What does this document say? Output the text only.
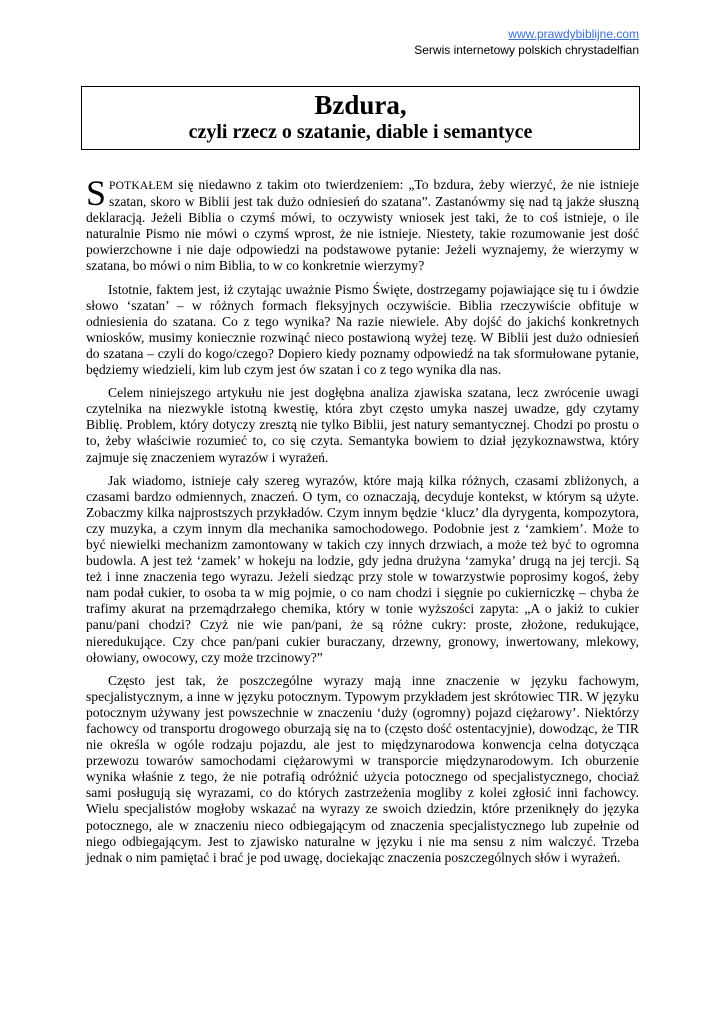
www.prawdybiblijne.com
Serwis internetowy polskich chrystadelfian
Bzdura,
czyli rzecz o szatanie, diable i semantyce

SPOTKAŁEM się niedawno z takim oto twierdzeniem: „To bzdura, żeby wierzyć, że nie istnieje szatan, skoro w Biblii jest tak dużo odniesień do szatana”. Zastanówmy się nad tą jakże słuszną deklaracją. Jeżeli Biblia o czymś mówi, to oczywisty wniosek jest taki, że to coś istnieje, o ile naturalnie Pismo nie mówi o czymś wprost, że nie istnieje. Niestety, takie rozumowanie jest dość powierzchowne i nie daje odpowiedzi na podstawowe pytanie: Jeżeli wyznajemy, że wierzymy w szatana, bo mówi o nim Biblia, to w co konkretnie wierzymy?

Istotnie, faktem jest, iż czytając uważnie Pismo Święte, dostrzegamy pojawiające się tu i ówdzie słowo ‘szatan’ – w różnych formach fleksyjnych oczywiście. Biblia rzeczywiście obfituje w odniesienia do szatana. Co z tego wynika? Na razie niewiele. Aby dojść do jakichś konkretnych wniosków, musimy koniecznie rozwinąć nieco postawioną wyżej tezę. W Biblii jest dużo odniesień do szatana – czyli do kogo/czego? Dopiero kiedy poznamy odpowiedź na tak sformułowane pytanie, będziemy wiedzieli, kim lub czym jest ów szatan i co z tego wynika dla nas.

Celem niniejszego artykułu nie jest dogłębna analiza zjawiska szatana, lecz zwrócenie uwagi czytelnika na niezwykle istotną kwestię, która zbyt często umyka naszej uwadze, gdy czytamy Biblię. Problem, który dotyczy zresztą nie tylko Biblii, jest natury semantycznej. Chodzi po prostu o to, żeby właściwie rozumieć to, co się czyta. Semantyka bowiem to dział językoznawstwa, który zajmuje się znaczeniem wyrazów i wyrażeń.

Jak wiadomo, istnieje cały szereg wyrazów, które mają kilka różnych, czasami zbliżonych, a czasami bardzo odmiennych, znaczeń. O tym, co oznaczają, decyduje kontekst, w którym są użyte. Zobaczmy kilka najprostszych przykładów. Czym innym będzie ‘klucz’ dla dyrygenta, kompozytora, czy muzyka, a czym innym dla mechanika samochodowego. Podobnie jest z ‘zamkiem’. Może to być niewielki mechanizm zamontowany w takich czy innych drzwiach, a może też być to ogromna budowla. A jest też ‘zamek’ w hokeju na lodzie, gdy jedna drużyna ‘zamyka’ drugą na jej tercji. Są też i inne znaczenia tego wyrazu. Jeżeli siedząc przy stole w towarzystwie poprosimy kogoś, żeby nam podał cukier, to osoba ta w mig pojmie, o co nam chodzi i sięgnie po cukierniczkę – chyba że trafimy akurat na przemądrzałego chemika, który w tonie wyższości zapyta: „A o jakiż to cukier panu/pani chodzi? Czyż nie wie pan/pani, że są różne cukry: proste, złożone, redukujące, nieredukujące. Czy chce pan/pani cukier buraczany, drzewny, gronowy, inwertowany, mlekowy, ołowiany, owocowy, czy może trzcinowy?”

Często jest tak, że poszczególne wyrazy mają inne znaczenie w języku fachowym, specjalistycznym, a inne w języku potocznym. Typowym przykładem jest skrótowiec TIR. W języku potocznym używany jest powszechnie w znaczeniu ‘duży (ogromny) pojazd ciężarowy’. Niektórzy fachowcy od transportu drogowego oburzają się na to (często dość ostentacyjnie), dowodząc, że TIR nie określa w ogóle rodzaju pojazdu, ale jest to międzynarodowa konwencja celna dotycząca przewozu towarów samochodami ciężarowymi w transporcie międzynarodowym. Ich oburzenie wynika właśnie z tego, że nie potrafią odróżnić użycia potocznego od specjalistycznego, chociaż sami posługują się wyrazami, co do których zastrzeżenia mogliby z kolei zgłosić inni fachowcy. Wielu specjalistów mogłoby wskazać na wyrazy ze swoich dziedzin, które przeniknęły do języka potocznego, ale w znaczeniu nieco odbiegającym od znaczenia specjalistycznego lub zupełnie od niego odbiegającym. Jest to zjawisko naturalne w języku i nie ma sensu z nim walczyć. Trzeba jednak o nim pamiętać i brać je pod uwagę, dociekając znaczenia poszczególnych słów i wyrażeń.
